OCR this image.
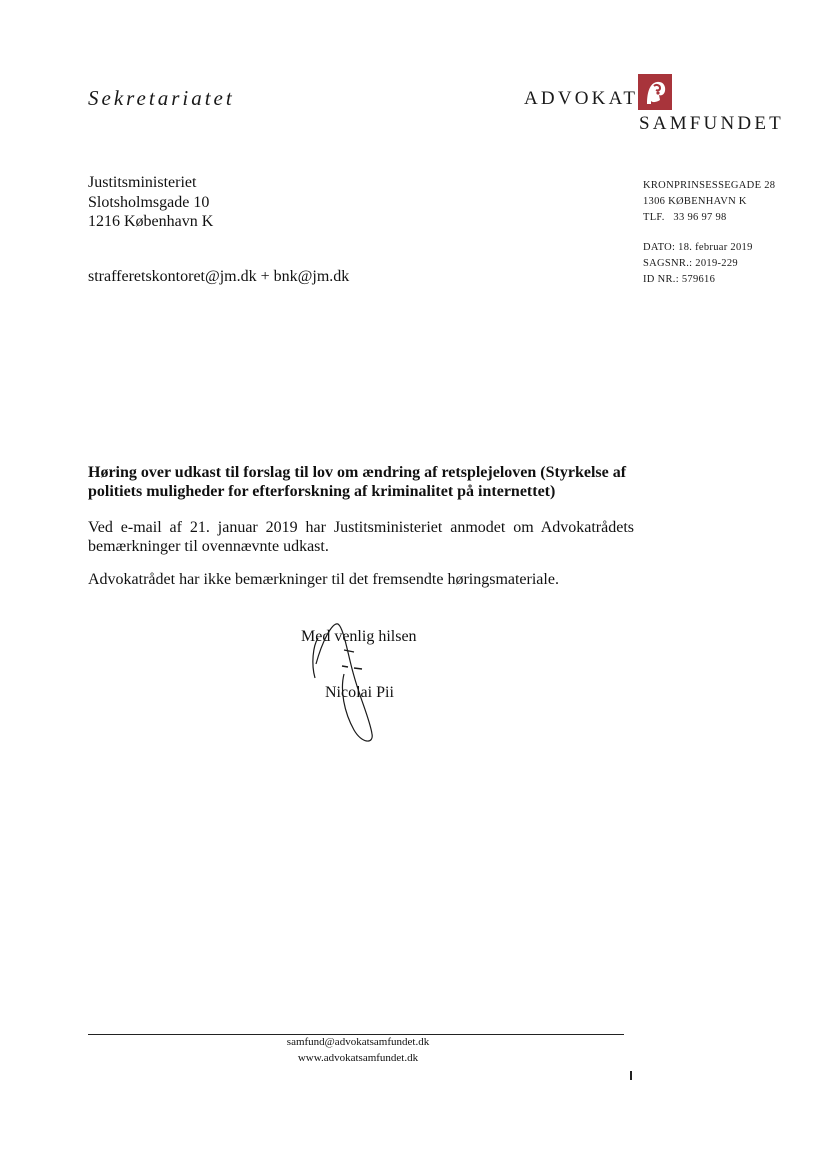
Sekretariatet	ADVOKAT
SAMFUNDET
Justitsministeriet
Slotsholmsgade 10
1216 København K
strafferetskontoret@jm.dk + bnk@jm.dk
KRONPRINSESSEGADE 28
1306 KØBENHAVN K
TLF.   33 96 97 98
DATO: 18. februar 2019
SAGSNR.: 2019-229
ID NR.: 579616
Høring over udkast til forslag til lov om ændring af retsplejeloven (Styrkelse af
politiets muligheder for efterforskning af kriminalitet på internettet)
Ved e-mail af 21. januar 2019 har Justitsministeriet anmodet om Advokatrådets
bemærkninger til ovennævnte udkast.
Advokatrådet har ikke bemærkninger til det fremsendte høringsmateriale.
Med venlig hilsen
Nicolai Pii
samfund@advokatsamfundet.dk
www.advokatsamfundet.dk
